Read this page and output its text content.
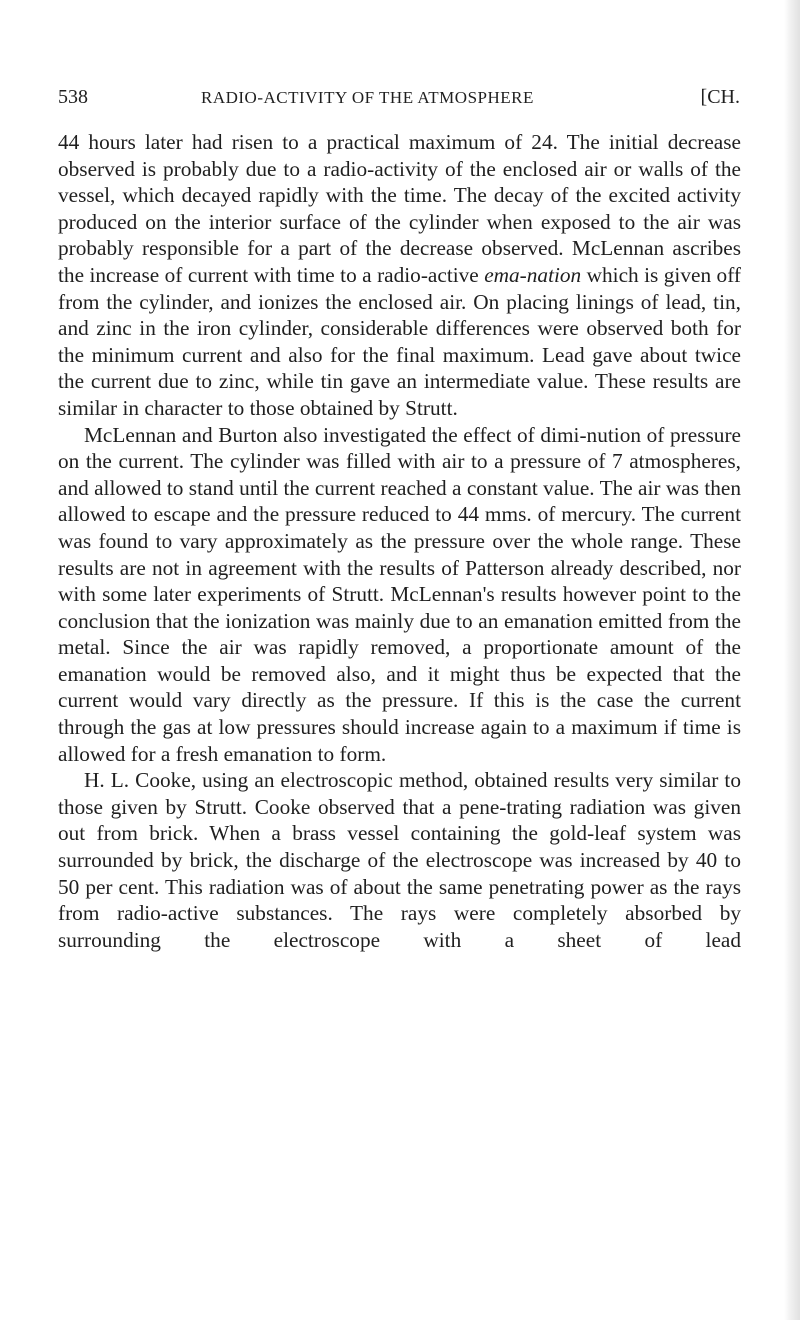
538	RADIO-ACTIVITY OF THE ATMOSPHERE	[CH.

44 hours later had risen to a practical maximum of 24. The initial decrease observed is probably due to a radio-activity of the enclosed air or walls of the vessel, which decayed rapidly with the time. The decay of the excited activity produced on the interior surface of the cylinder when exposed to the air was probably responsible for a part of the decrease observed. McLennan ascribes the increase of current with time to a radio-active ema-nation which is given off from the cylinder, and ionizes the enclosed air. On placing linings of lead, tin, and zinc in the iron cylinder, considerable differences were observed both for the minimum current and also for the final maximum. Lead gave about twice the current due to zinc, while tin gave an intermediate value. These results are similar in character to those obtained by Strutt.

McLennan and Burton also investigated the effect of dimi-nution of pressure on the current. The cylinder was filled with air to a pressure of 7 atmospheres, and allowed to stand until the current reached a constant value. The air was then allowed to escape and the pressure reduced to 44 mms. of mercury. The current was found to vary approximately as the pressure over the whole range. These results are not in agreement with the results of Patterson already described, nor with some later experiments of Strutt. McLennan's results however point to the conclusion that the ionization was mainly due to an emanation emitted from the metal. Since the air was rapidly removed, a proportionate amount of the emanation would be removed also, and it might thus be expected that the current would vary directly as the pressure. If this is the case the current through the gas at low pressures should increase again to a maximum if time is allowed for a fresh emanation to form.

H. L. Cooke, using an electroscopic method, obtained results very similar to those given by Strutt. Cooke observed that a pene-trating radiation was given out from brick. When a brass vessel containing the gold-leaf system was surrounded by brick, the discharge of the electroscope was increased by 40 to 50 per cent. This radiation was of about the same penetrating power as the rays from radio-active substances. The rays were completely absorbed by surrounding the electroscope with a sheet of lead
